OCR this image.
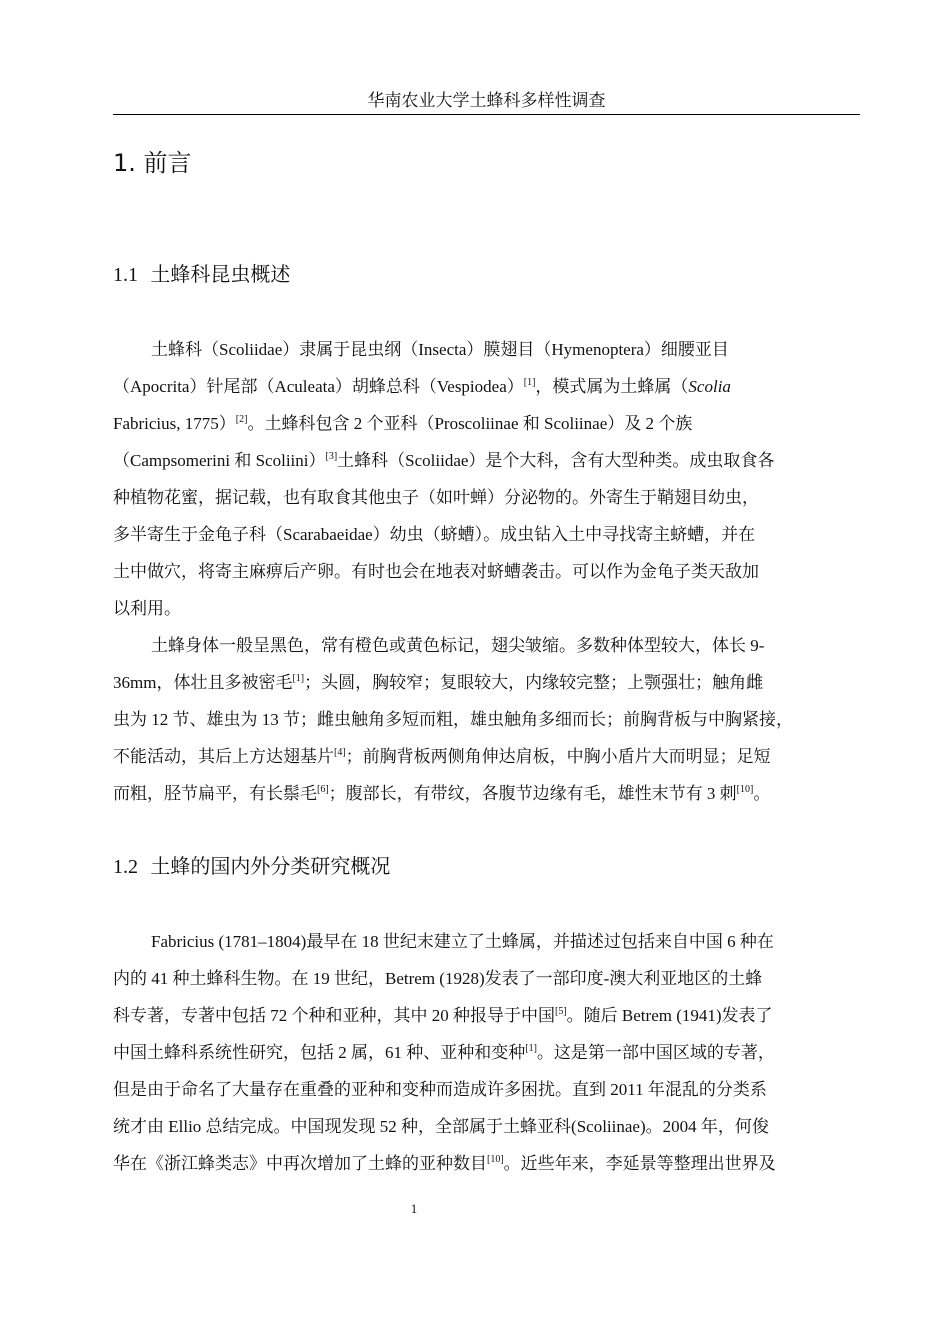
华南农业大学土蜂科多样性调查
1. 前言
1.1 土蜂科昆虫概述
土蜂科（Scoliidae）隶属于昆虫纲（Insecta）膜翅目（Hymenoptera）细腰亚目
（Apocrita）针尾部（Aculeata）胡蜂总科（Vespiodea）[1]，模式属为土蜂属（Scolia
Fabricius, 1775）[2]。土蜂科包含 2 个亚科（Proscoliinae 和 Scoliinae）及 2 个族
（Campsomerini 和 Scoliini）[3]土蜂科（Scoliidae）是个大科，含有大型种类。成虫取食各
种植物花蜜，据记载，也有取食其他虫子（如叶蝉）分泌物的。外寄生于鞘翅目幼虫，
多半寄生于金龟子科（Scarabaeidae）幼虫（蛴螬）。成虫钻入土中寻找寄主蛴螬，并在
土中做穴，将寄主麻痹后产卵。有时也会在地表对蛴螬袭击。可以作为金龟子类天敌加
以利用。
土蜂身体一般呈黑色，常有橙色或黄色标记，翅尖皱缩。多数种体型较大，体长 9-
36mm，体壮且多被密毛[1]；头圆，胸较窄；复眼较大，内缘较完整；上颚强壮；触角雌
虫为 12 节、雄虫为 13 节；雌虫触角多短而粗，雄虫触角多细而长；前胸背板与中胸紧接，
不能活动，其后上方达翅基片[4]；前胸背板两侧角伸达肩板，中胸小盾片大而明显；足短
而粗，胫节扁平，有长鬃毛[6]；腹部长，有带纹，各腹节边缘有毛，雄性末节有 3 刺[10]。
1.2 土蜂的国内外分类研究概况
Fabricius (1781–1804)最早在 18 世纪末建立了土蜂属，并描述过包括来自中国 6 种在
内的 41 种土蜂科生物。在 19 世纪，Betrem (1928)发表了一部印度-澳大利亚地区的土蜂
科专著，专著中包括 72 个种和亚种，其中 20 种报导于中国[5]。随后 Betrem (1941)发表了
中国土蜂科系统性研究，包括 2 属，61 种、亚种和变种[1]。这是第一部中国区域的专著，
但是由于命名了大量存在重叠的亚种和变种而造成许多困扰。直到 2011 年混乱的分类系
统才由 Ellio 总结完成。中国现发现 52 种，全部属于土蜂亚科(Scoliinae)。2004 年，何俊
华在《浙江蜂类志》中再次增加了土蜂的亚种数目[10]。近些年来，李延景等整理出世界及
1
